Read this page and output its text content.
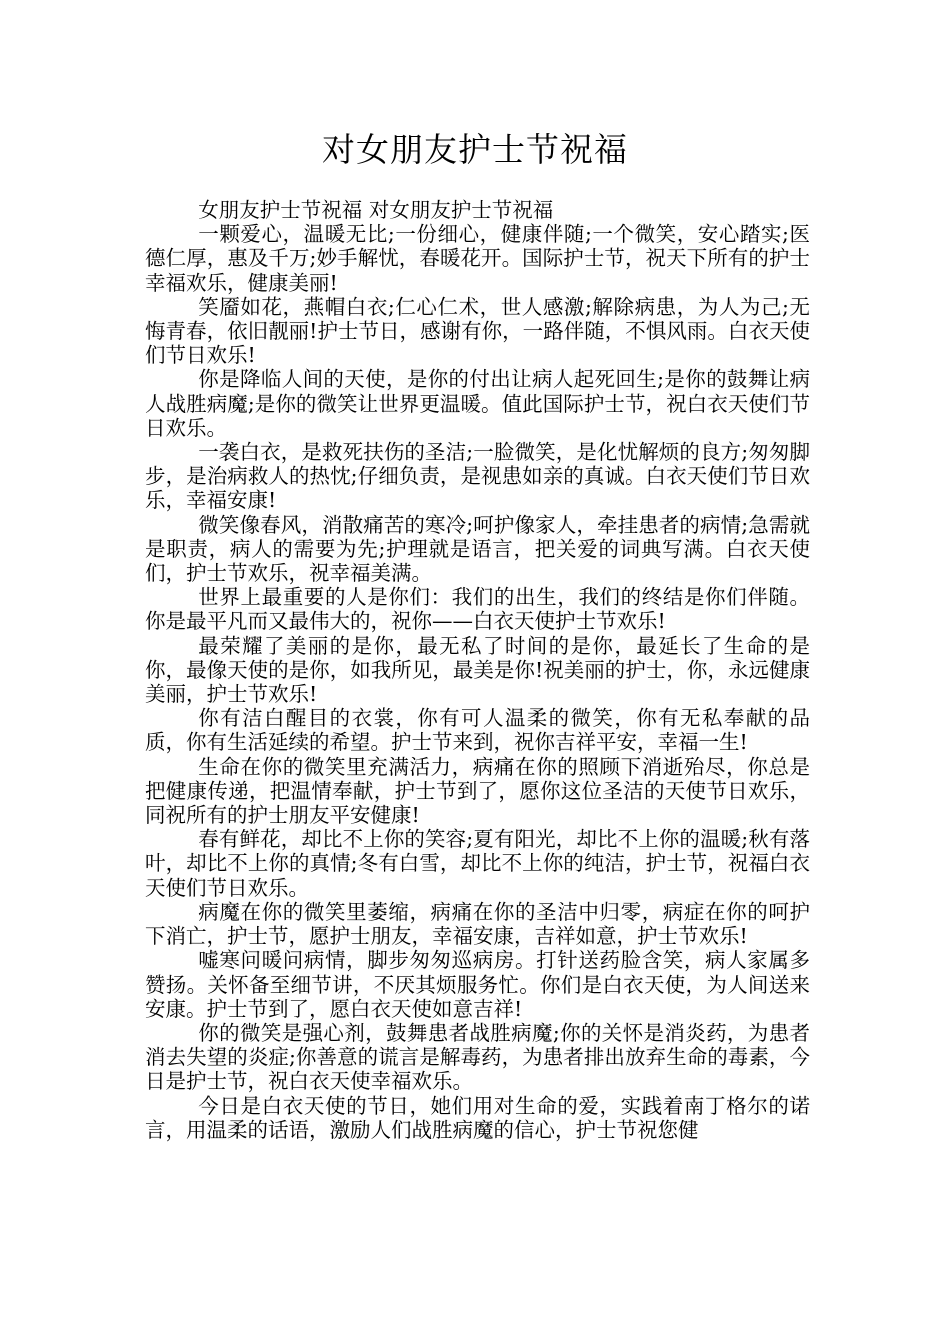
对女朋友护士节祝福

女朋友护士节祝福 对女朋友护士节祝福

一颗爱心，温暖无比;一份细心，健康伴随;一个微笑，安心踏实;医德仁厚，惠及千万;妙手解忧，春暖花开。国际护士节，祝天下所有的护士幸福欢乐，健康美丽!

笑靥如花，燕帽白衣;仁心仁术，世人感激;解除病患，为人为己;无悔青春，依旧靓丽!护士节日，感谢有你，一路伴随，不惧风雨。白衣天使们节日欢乐!

你是降临人间的天使，是你的付出让病人起死回生;是你的鼓舞让病人战胜病魔;是你的微笑让世界更温暖。值此国际护士节，祝白衣天使们节日欢乐。

一袭白衣，是救死扶伤的圣洁;一脸微笑，是化忧解烦的良方;匆匆脚步，是治病救人的热忱;仔细负责，是视患如亲的真诚。白衣天使们节日欢乐，幸福安康!

微笑像春风，消散痛苦的寒冷;呵护像家人，牵挂患者的病情;急需就是职责，病人的需要为先;护理就是语言，把关爱的词典写满。白衣天使们，护士节欢乐，祝幸福美满。

世界上最重要的人是你们：我们的出生，我们的终结是你们伴随。你是最平凡而又最伟大的，祝你——白衣天使护士节欢乐!

最荣耀了美丽的是你，最无私了时间的是你，最延长了生命的是你，最像天使的是你，如我所见，最美是你!祝美丽的护士，你，永远健康美丽，护士节欢乐!

你有洁白醒目的衣裳，你有可人温柔的微笑，你有无私奉献的品质，你有生活延续的希望。护士节来到，祝你吉祥平安，幸福一生!

生命在你的微笑里充满活力，病痛在你的照顾下消逝殆尽，你总是把健康传递，把温情奉献，护士节到了，愿你这位圣洁的天使节日欢乐，同祝所有的护士朋友平安健康!

春有鲜花，却比不上你的笑容;夏有阳光，却比不上你的温暖;秋有落叶，却比不上你的真情;冬有白雪，却比不上你的纯洁，护士节，祝福白衣天使们节日欢乐。

病魔在你的微笑里萎缩，病痛在你的圣洁中归零，病症在你的呵护下消亡，护士节，愿护士朋友，幸福安康，吉祥如意，护士节欢乐!

嘘寒问暖问病情，脚步匆匆巡病房。打针送药脸含笑，病人家属多赞扬。关怀备至细节讲，不厌其烦服务忙。你们是白衣天使，为人间送来安康。护士节到了，愿白衣天使如意吉祥!

你的微笑是强心剂，鼓舞患者战胜病魔;你的关怀是消炎药，为患者消去失望的炎症;你善意的谎言是解毒药，为患者排出放弃生命的毒素，今日是护士节，祝白衣天使幸福欢乐。

今日是白衣天使的节日，她们用对生命的爱，实践着南丁格尔的诺言，用温柔的话语，激励人们战胜病魔的信心，护士节祝您健
